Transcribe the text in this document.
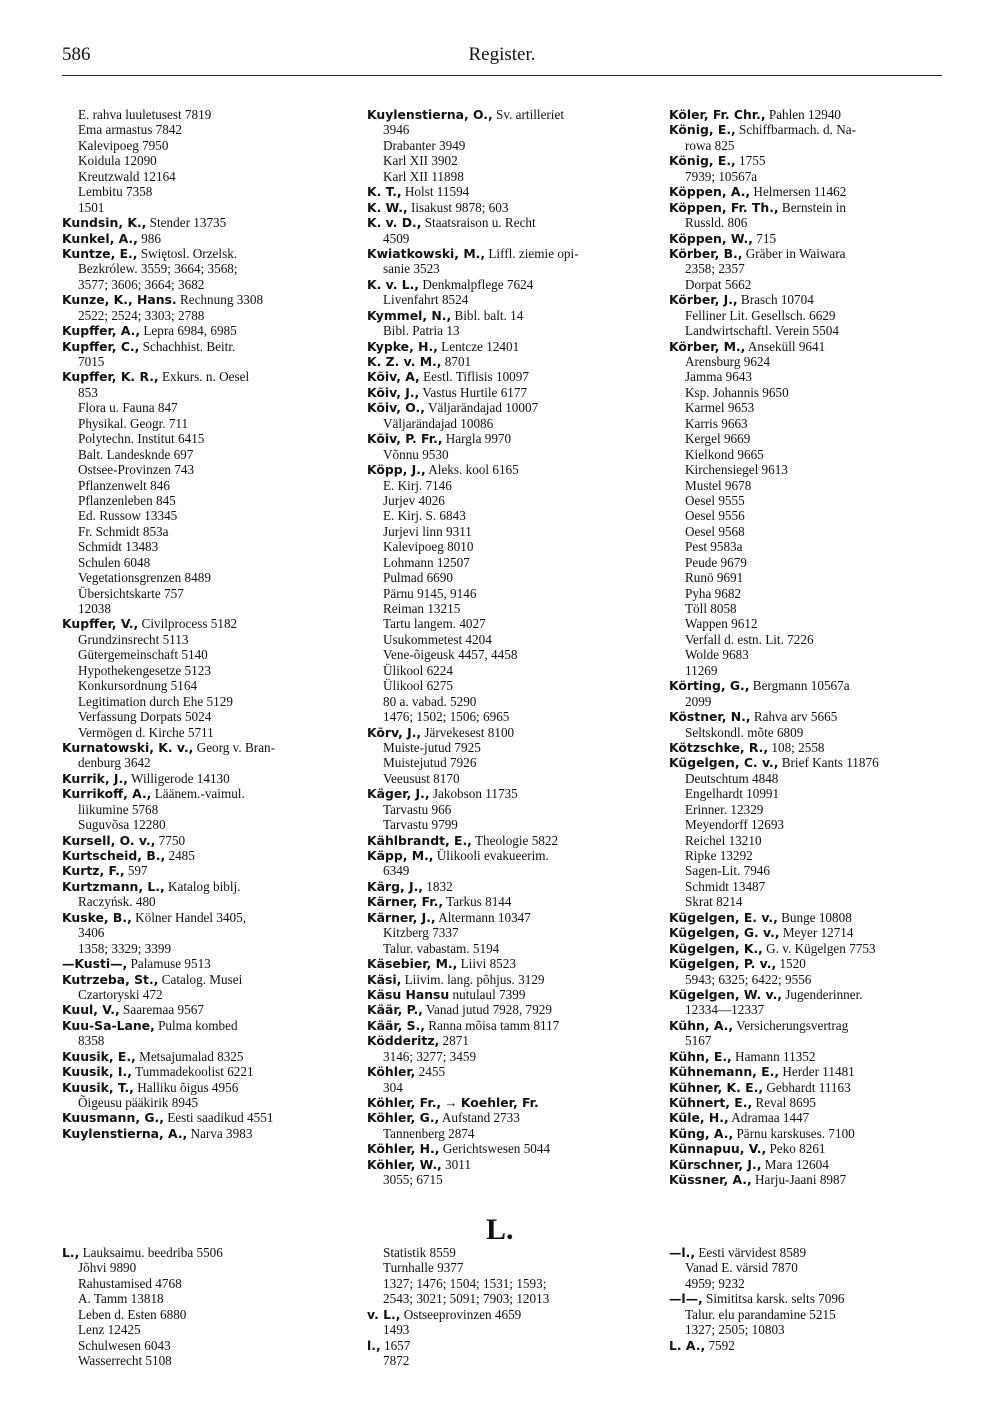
586	Register.
E. rahva luuletusest 7819
Ema armastus 7842
Kalevipoeg 7950
Koidula 12090
Kreutzwald 12164
Lembitu 7358
1501
Kundsin, K., Stender 13735
Kunkel, A., 986
Kuntze, E., Swiętosl. Orzelsk.
Bezkrólew. 3559; 3664; 3568;
3577; 3606; 3664; 3682
Kunze, K., Hans. Rechnung 3308
2522; 2524; 3303; 2788
Kupffer, A., Lepra 6984, 6985
Kupffer, C., Schachhist. Beitr.
7015
Kupffer, K. R., Exkurs. n. Oesel
853
Flora u. Fauna 847
Physikal. Geogr. 711
Polytechn. Institut 6415
Balt. Landesknde 697
Ostsee-Provinzen 743
Pflanzenwelt 846
Pflanzenleben 845
Ed. Russow 13345
Fr. Schmidt 853a
Schmidt 13483
Schulen 6048
Vegetationsgrenzen 8489
Übersichtskarte 757
12038
Kupffer, V., Civilprocess 5182
Grundzinsrecht 5113
Gütergemeinschaft 5140
Hypothekengesetze 5123
Konkursordnung 5164
Legitimation durch Ehe 5129
Verfassung Dorpats 5024
Vermögen d. Kirche 5711
Kurnatowski, K. v., Georg v. Bran-
denburg 3642
Kurrik, J., Willigerode 14130
Kurrikoff, A., Läänem.-vaimul.
liikumine 5768
Suguvõsa 12280
Kursell, O. v., 7750
Kurtscheid, B., 2485
Kurtz, F., 597
Kurtzmann, L., Katalog biblj.
Raczyńsk. 480
Kuske, B., Kölner Handel 3405,
3406
1358; 3329; 3399
—Kusti—, Palamuse 9513
Kutrzeba, St., Catalog. Musei
Czartoryski 472
Kuul, V., Saaremaa 9567
Kuu-Sa-Lane, Pulma kombed
8358
Kuusik, E., Metsajumalad 8325
Kuusik, I., Tummadekoolist 6221
Kuusik, T., Halliku õigus 4956
Õigeusu pääkirik 8945
Kuusmann, G., Eesti saadikud 4551
Kuylenstierna, A., Narva 3983
Kuylenstierna, O., Sv. artilleriet
3946
Drabanter 3949
Karl XII 3902
Karl XII 11898
K. T., Holst 11594
K. W., Iisakust 9878; 603
K. v. D., Staatsraison u. Recht
4509
Kwiatkowski, M., Liffl. ziemie opi-
sanie 3523
K. v. L., Denkmalpflege 7624
Livenfahrt 8524
Kymmel, N., Bibl. balt. 14
Bibl. Patria 13
Kypke, H., Lentcze 12401
K. Z. v. M., 8701
Kõiv, A, Eestl. Tiflisis 10097
Kõiv, J., Vastus Hurtile 6177
Kõiv, O., Väljarändajad 10007
Väljarändajad 10086
Kõiv, P. Fr., Hargla 9970
Võnnu 9530
Köpp, J., Aleks. kool 6165
E. Kirj. 7146
Jurjev 4026
E. Kirj. S. 6843
Jurjevi linn 9311
Kalevipoeg 8010
Lohmann 12507
Pulmad 6690
Pärnu 9145, 9146
Reiman 13215
Tartu langem. 4027
Usukommetest 4204
Vene-õigeusk 4457, 4458
Ülikool 6224
Ülikool 6275
80 a. vabad. 5290
1476; 1502; 1506; 6965
Kõrv, J., Järvekesest 8100
Muiste-jutud 7925
Muistejutud 7926
Veeusust 8170
Käger, J., Jakobson 11735
Tarvastu 966
Tarvastu 9799
Kählbrandt, E., Theologie 5822
Käpp, M., Ülikooli evakueerim.
6349
Kärg, J., 1832
Kärner, Fr., Tarkus 8144
Kärner, J., Altermann 10347
Kitzberg 7337
Talur. vabastam. 5194
Käsebier, M., Liivi 8523
Käsi, Liivim. lang. põhjus. 3129
Käsu Hansu nutulaul 7399
Käär, P., Vanad jutud 7928, 7929
Käär, S., Ranna mõisa tamm 8117
Ködderitz, 2871
3146; 3277; 3459
Köhler, 2455
304
Köhler, Fr., → Koehler, Fr.
Köhler, G., Aufstand 2733
Tannenberg 2874
Köhler, H., Gerichtswesen 5044
Köhler, W., 3011
3055; 6715
Köler, Fr. Chr., Pahlen 12940
König, E., Schiffbarmach. d. Na-
rowa 825
König, E., 1755
7939; 10567a
Köppen, A., Helmersen 11462
Köppen, Fr. Th., Bernstein in
Russld. 806
Köppen, W., 715
Körber, B., Gräber in Waiwara
2358; 2357
Dorpat 5662
Körber, J., Brasch 10704
Felliner Lit. Gesellsch. 6629
Landwirtschaftl. Verein 5504
Körber, M., Anseküll 9641
Arensburg 9624
Jamma 9643
Ksp. Johannis 9650
Karmel 9653
Karris 9663
Kergel 9669
Kielkond 9665
Kirchensiegel 9613
Mustel 9678
Oesel 9555
Oesel 9556
Oesel 9568
Pest 9583a
Peude 9679
Runö 9691
Pyha 9682
Töll 8058
Wappen 9612
Verfall d. estn. Lit. 7226
Wolde 9683
11269
Körting, G., Bergmann 10567a
2099
Köstner, N., Rahva arv 5665
Seltskondl. mõte 6809
Kötzschke, R., 108; 2558
Kügelgen, C. v., Brief Kants 11876
Deutschtum 4848
Engelhardt 10991
Erinner. 12329
Meyendorff 12693
Reichel 13210
Ripke 13292
Sagen-Lit. 7946
Schmidt 13487
Skrat 8214
Kügelgen, E. v., Bunge 10808
Kügelgen, G. v., Meyer 12714
Kügelgen, K., G. v. Kügelgen 7753
Kügelgen, P. v., 1520
5943; 6325; 6422; 9556
Kügelgen, W. v., Jugenderinner.
12334—12337
Kühn, A., Versicherungsvertrag
5167
Kühn, E., Hamann 11352
Kühnemann, E., Herder 11481
Kühner, K. E., Gebhardt 11163
Kühnert, E., Reval 8695
Küle, H., Adramaa 1447
Küng, A., Pärnu karskuses. 7100
Künnapuu, V., Peko 8261
Kürschner, J., Mara 12604
Küssner, A., Harju-Jaani 8987
L.
L., Lauksaimu. beedriba 5506
Jõhvi 9890
Rahustamised 4768
A. Tamm 13818
Leben d. Esten 6880
Lenz 12425
Schulwesen 6043
Wasserrecht 5108
Statistik 8559
Turnhalle 9377
1327; 1476; 1504; 1531; 1593;
2543; 3021; 5091; 7903; 12013
v. L., Ostseeprovinzen 4659
1493
l., 1657
7872
—l., Eesti värvidest 8589
Vanad E. värsid 7870
4959; 9232
—l—, Simititsa karsk. selts 7096
Talur. elu parandamine 5215
1327; 2505; 10803
L. A., 7592
